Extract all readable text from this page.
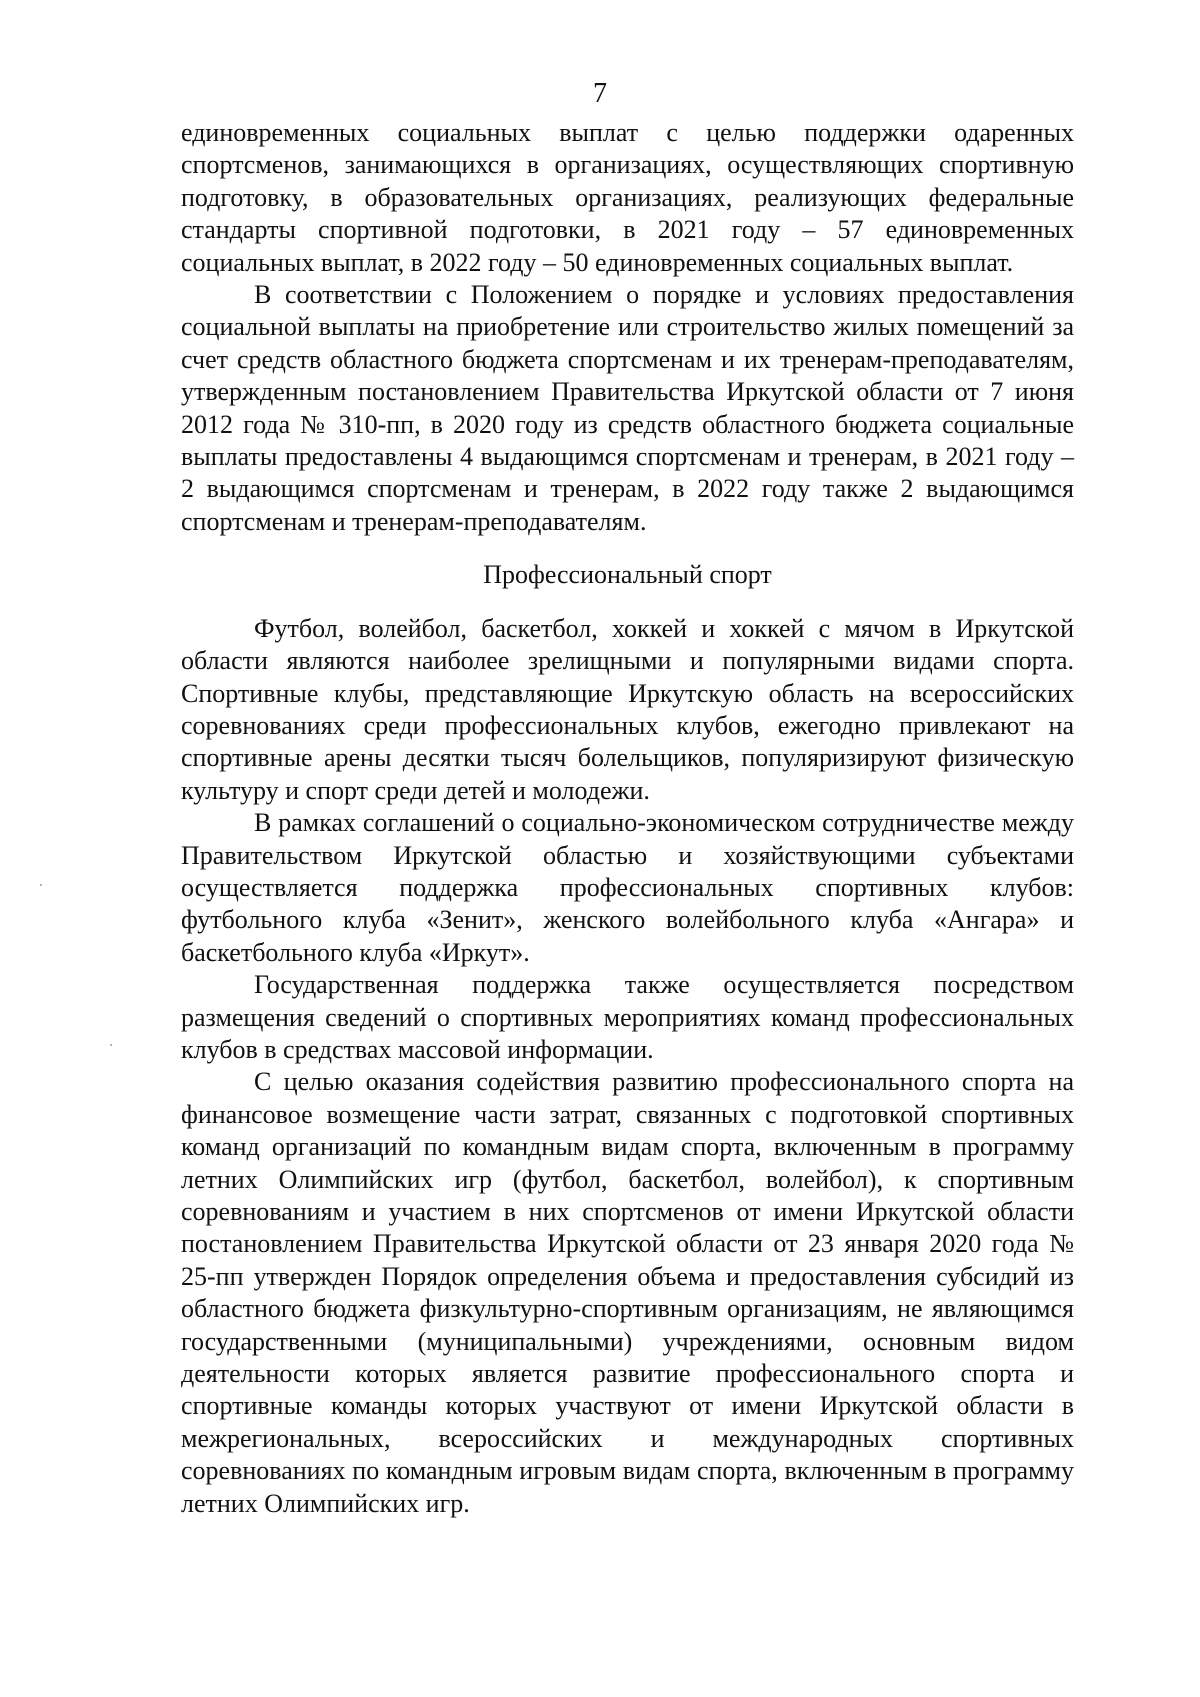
7

единовременных социальных выплат с целью поддержки одаренных спортсменов, занимающихся в организациях, осуществляющих спортивную подготовку, в образовательных организациях, реализующих федеральные стандарты спортивной подготовки, в 2021 году – 57 единовременных социальных выплат, в 2022 году – 50 единовременных социальных выплат.

В соответствии с Положением о порядке и условиях предоставления социальной выплаты на приобретение или строительство жилых помещений за счет средств областного бюджета спортсменам и их тренерам-преподавателям, утвержденным постановлением Правительства Иркутской области от 7 июня 2012 года № 310-пп, в 2020 году из средств областного бюджета социальные выплаты предоставлены 4 выдающимся спортсменам и тренерам, в 2021 году – 2 выдающимся спортсменам и тренерам, в 2022 году также 2 выдающимся спортсменам и тренерам-преподавателям.

Профессиональный спорт

Футбол, волейбол, баскетбол, хоккей и хоккей с мячом в Иркутской области являются наиболее зрелищными и популярными видами спорта. Спортивные клубы, представляющие Иркутскую область на всероссийских соревнованиях среди профессиональных клубов, ежегодно привлекают на спортивные арены десятки тысяч болельщиков, популяризируют физическую культуру и спорт среди детей и молодежи.

В рамках соглашений о социально-экономическом сотрудничестве между Правительством Иркутской областью и хозяйствующими субъектами осуществляется поддержка профессиональных спортивных клубов: футбольного клуба «Зенит», женского волейбольного клуба «Ангара» и баскетбольного клуба «Иркут».

Государственная поддержка также осуществляется посредством размещения сведений о спортивных мероприятиях команд профессиональных клубов в средствах массовой информации.

С целью оказания содействия развитию профессионального спорта на финансовое возмещение части затрат, связанных с подготовкой спортивных команд организаций по командным видам спорта, включенным в программу летних Олимпийских игр (футбол, баскетбол, волейбол), к спортивным соревнованиям и участием в них спортсменов от имени Иркутской области постановлением Правительства Иркутской области от 23 января 2020 года № 25-пп утвержден Порядок определения объема и предоставления субсидий из областного бюджета физкультурно-спортивным организациям, не являющимся государственными (муниципальными) учреждениями, основным видом деятельности которых является развитие профессионального спорта и спортивные команды которых участвуют от имени Иркутской области в межрегиональных, всероссийских и международных спортивных соревнованиях по командным игровым видам спорта, включенным в программу летних Олимпийских игр.
